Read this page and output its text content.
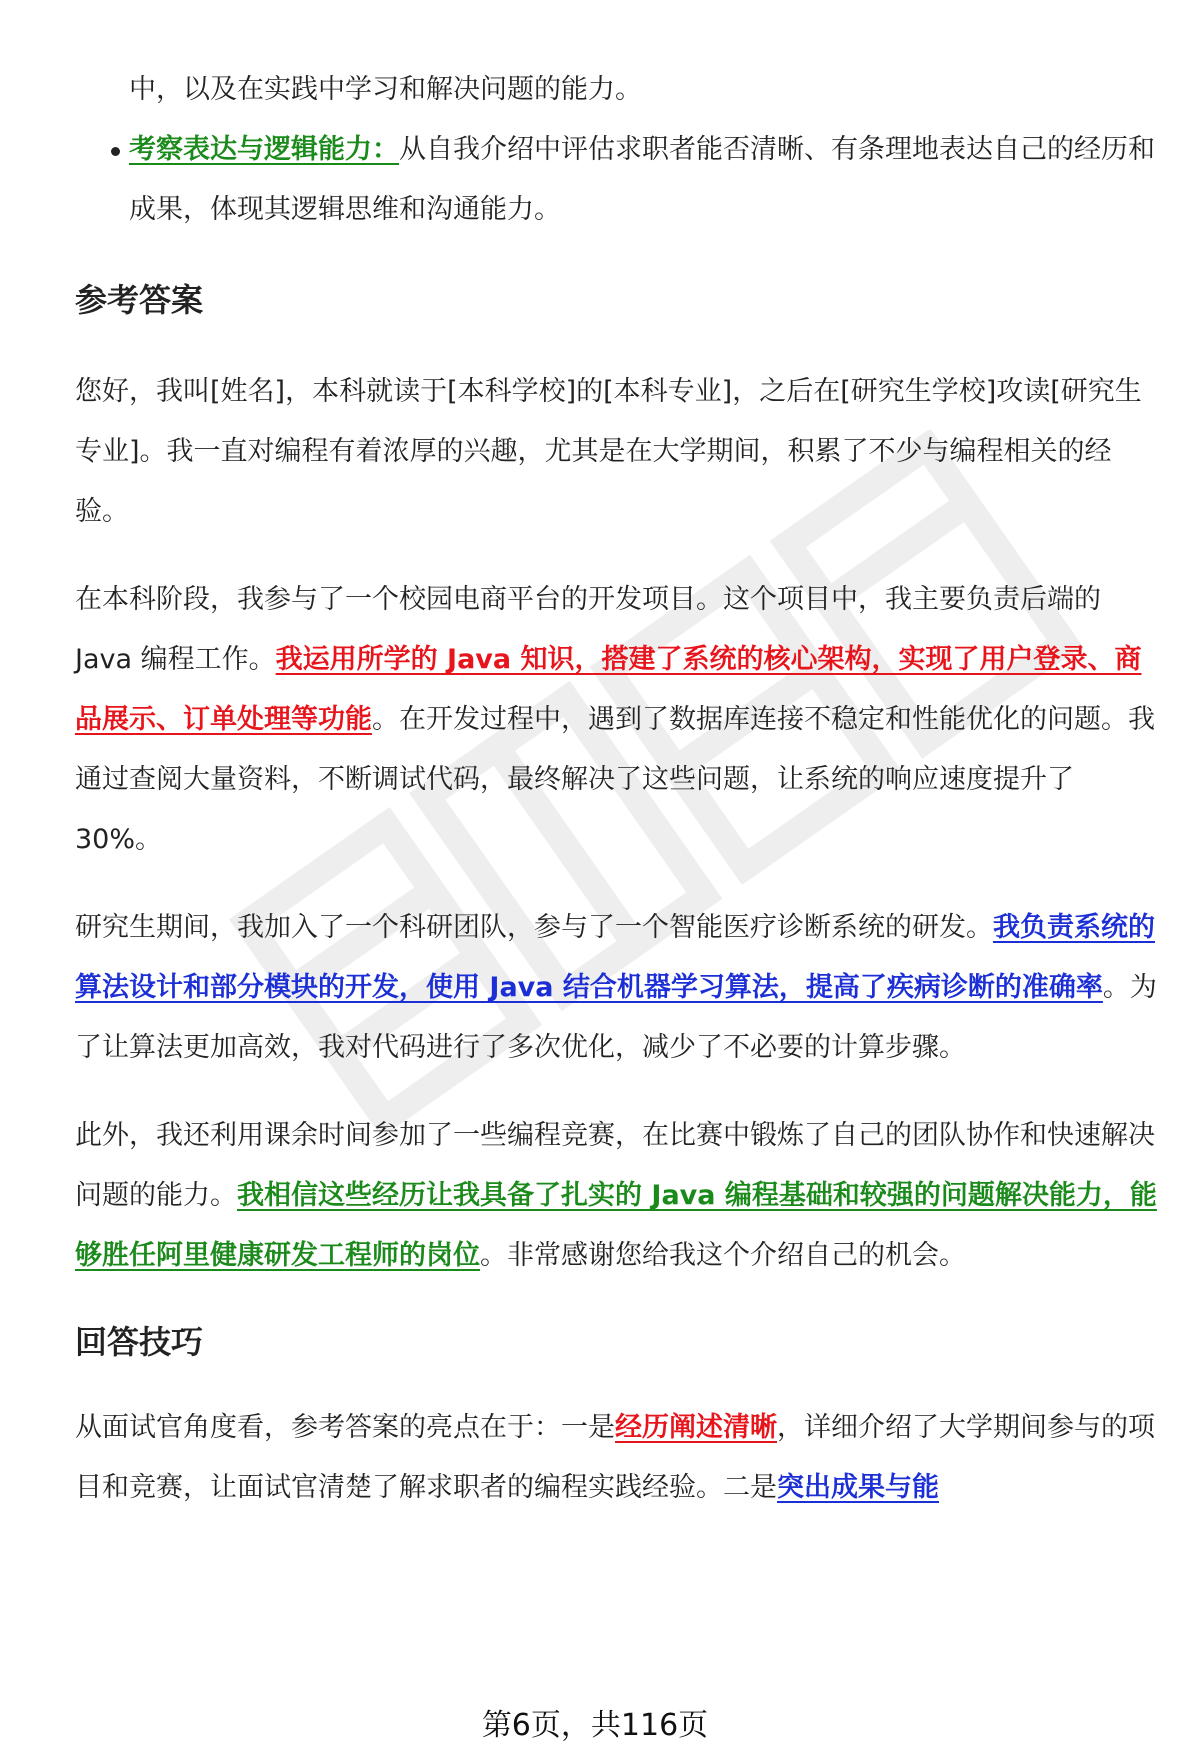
中，以及在实践中学习和解决问题的能力。

考察表达与逻辑能力：从自我介绍中评估求职者能否清晰、有条理地表达自己的经历和成果，体现其逻辑思维和沟通能力。
参考答案

您好，我叫[姓名]，本科就读于[本科学校]的[本科专业]，之后在[研究生学校]攻读[研究生专业]。我一直对编程有着浓厚的兴趣，尤其是在大学期间，积累了不少与编程相关的经验。

在本科阶段，我参与了一个校园电商平台的开发项目。这个项目中，我主要负责后端的 Java 编程工作。我运用所学的 Java 知识，搭建了系统的核心架构，实现了用户登录、商品展示、订单处理等功能。在开发过程中，遇到了数据库连接不稳定和性能优化的问题。我通过查阅大量资料，不断调试代码，最终解决了这些问题，让系统的响应速度提升了 30%。

研究生期间，我加入了一个科研团队，参与了一个智能医疗诊断系统的研发。我负责系统的算法设计和部分模块的开发，使用 Java 结合机器学习算法，提高了疾病诊断的准确率。为了让算法更加高效，我对代码进行了多次优化，减少了不必要的计算步骤。

此外，我还利用课余时间参加了一些编程竞赛，在比赛中锻炼了自己的团队协作和快速解决问题的能力。我相信这些经历让我具备了扎实的 Java 编程基础和较强的问题解决能力，能够胜任阿里健康研发工程师的岗位。非常感谢您给我这个介绍自己的机会。

回答技巧

从面试官角度看，参考答案的亮点在于：一是经历阐述清晰，详细介绍了大学期间参与的项目和竞赛，让面试官清楚了解求职者的编程实践经验。二是突出成果与能

第6页，共116页
